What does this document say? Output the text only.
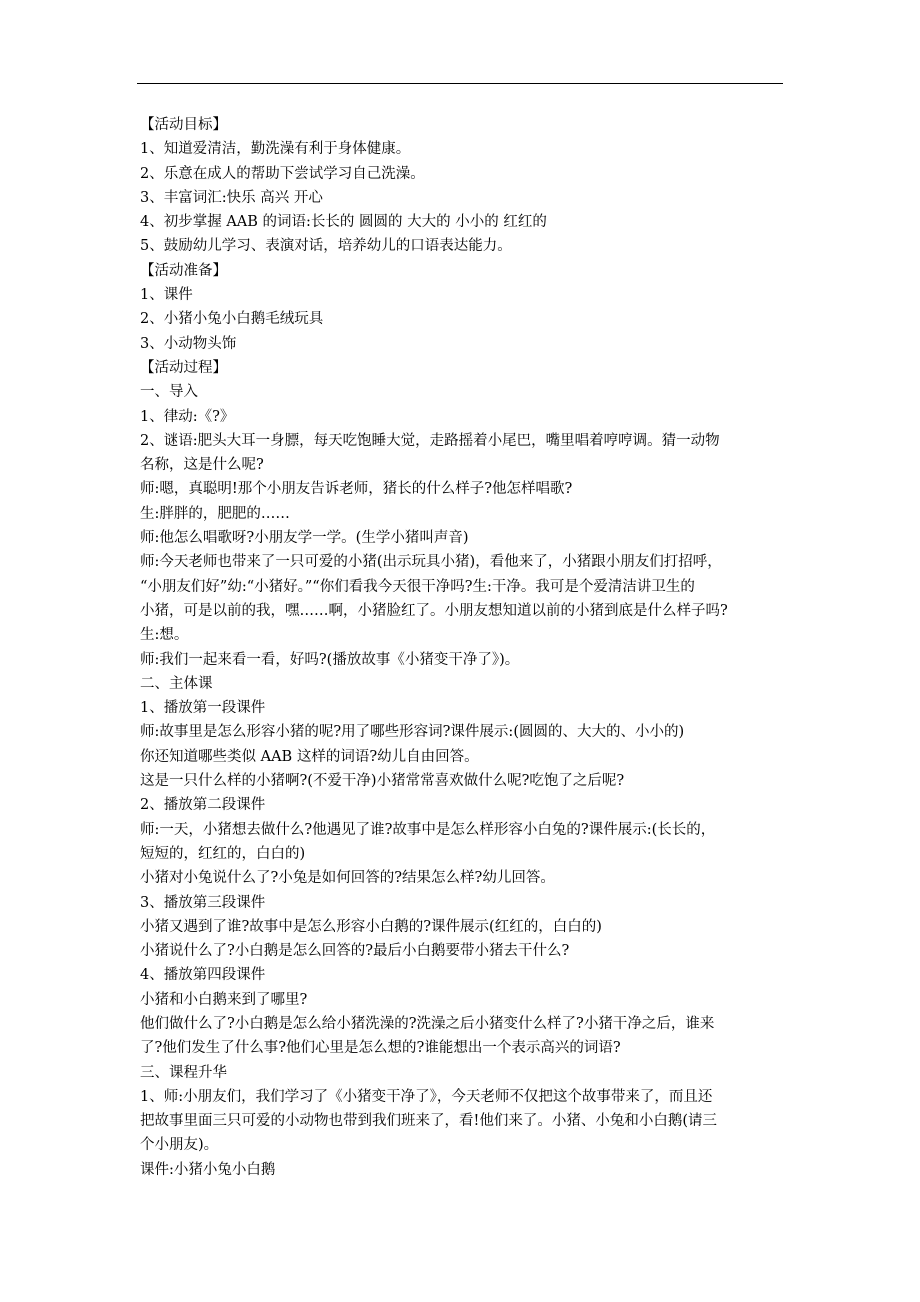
【活动目标】
1、知道爱清洁，勤洗澡有利于身体健康。
2、乐意在成人的帮助下尝试学习自己洗澡。
3、丰富词汇:快乐 高兴 开心
4、初步掌握 AAB 的词语:长长的 圆圆的 大大的 小小的 红红的
5、鼓励幼儿学习、表演对话，培养幼儿的口语表达能力。
【活动准备】
1、课件
2、小猪小兔小白鹅毛绒玩具
3、小动物头饰
【活动过程】
一、导入
1、律动:《?》
2、谜语:肥头大耳一身膘，每天吃饱睡大觉，走路摇着小尾巴，嘴里唱着哼哼调。猜一动物
名称，这是什么呢?
师:嗯，真聪明!那个小朋友告诉老师，猪长的什么样子?他怎样唱歌?
生:胖胖的，肥肥的……
师:他怎么唱歌呀?小朋友学一学。(生学小猪叫声音)
师:今天老师也带来了一只可爱的小猪(出示玩具小猪)，看他来了，小猪跟小朋友们打招呼，
“小朋友们好”幼:“小猪好。”“你们看我今天很干净吗?生:干净。我可是个爱清洁讲卫生的
小猪，可是以前的我，嘿……啊，小猪脸红了。小朋友想知道以前的小猪到底是什么样子吗?
生:想。
师:我们一起来看一看，好吗?(播放故事《小猪变干净了》)。
二、主体课
1、播放第一段课件
师:故事里是怎么形容小猪的呢?用了哪些形容词?课件展示:(圆圆的、大大的、小小的)
你还知道哪些类似 AAB 这样的词语?幼儿自由回答。
这是一只什么样的小猪啊?(不爱干净)小猪常常喜欢做什么呢?吃饱了之后呢?
2、播放第二段课件
师:一天，小猪想去做什么?他遇见了谁?故事中是怎么样形容小白兔的?课件展示:(长长的，
短短的，红红的，白白的)
小猪对小兔说什么了?小兔是如何回答的?结果怎么样?幼儿回答。
3、播放第三段课件
小猪又遇到了谁?故事中是怎么形容小白鹅的?课件展示(红红的，白白的)
小猪说什么了?小白鹅是怎么回答的?最后小白鹅要带小猪去干什么?
4、播放第四段课件
小猪和小白鹅来到了哪里?
他们做什么了?小白鹅是怎么给小猪洗澡的?洗澡之后小猪变什么样了?小猪干净之后，谁来
了?他们发生了什么事?他们心里是怎么想的?谁能想出一个表示高兴的词语?
三、课程升华
1、师:小朋友们，我们学习了《小猪变干净了》，今天老师不仅把这个故事带来了，而且还
把故事里面三只可爱的小动物也带到我们班来了，看!他们来了。小猪、小兔和小白鹅(请三
个小朋友)。
课件:小猪小兔小白鹅
